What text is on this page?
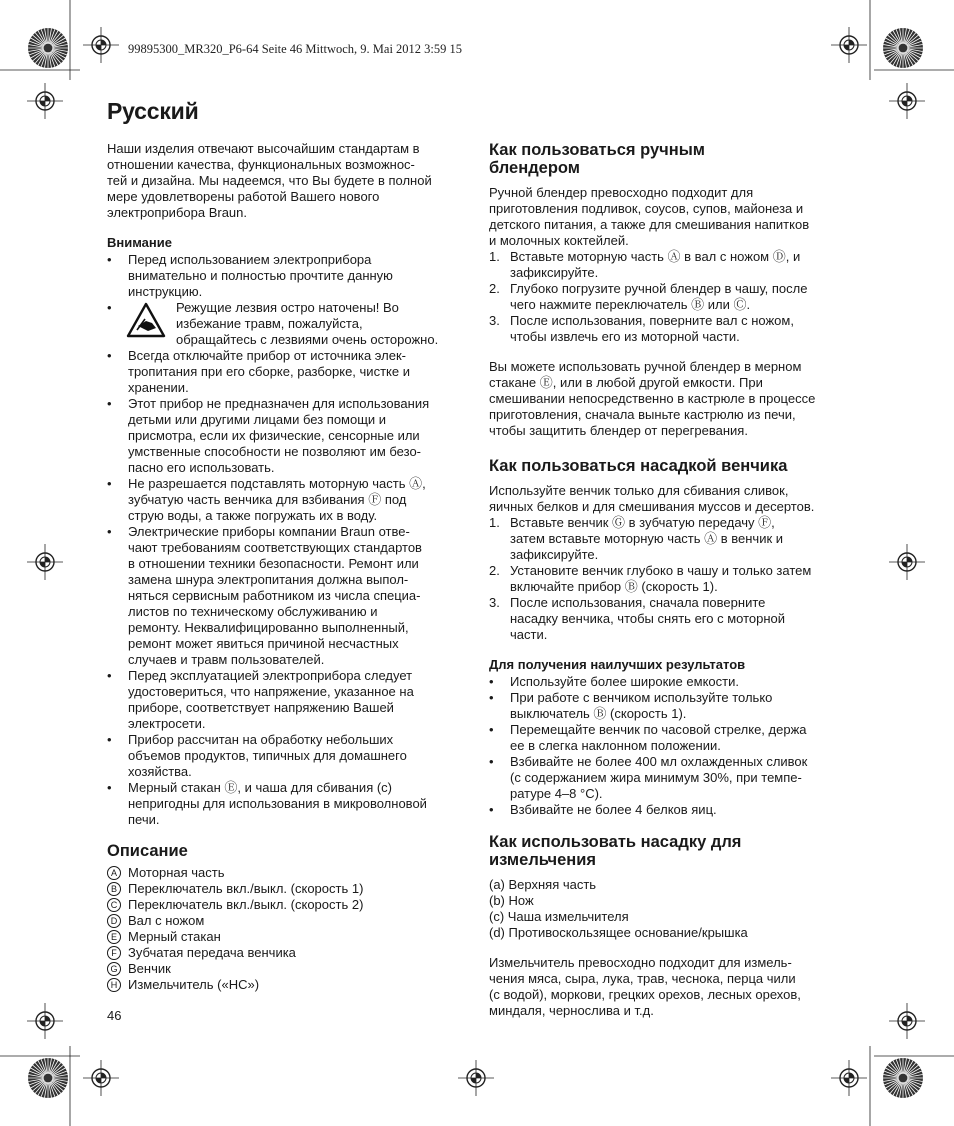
99895300_MR320_P6-64 Seite 46 Mittwoch, 9. Mai 2012 3:59 15
Русский

Наши изделия отвечают высочайшим стандартам в
отношении качества, функциональных возможнос-
тей и дизайна. Мы надеемся, что Вы будете в полной
мере удовлетворены работой Вашего нового
электроприбора Braun.

Внимание
• Перед использованием электроприбора
внимательно и полностью прочтите данную
инструкцию.
•	Режущие лезвия остро наточены! Во
избежание травм, пожалуйста,
обращайтесь с лезвиями очень осторожно.
• Всегда отключайте прибор от источника элек-
тропитания при его сборке, разборке, чистке и
хранении.
• Этот прибор не предназначен для использования
детьми или другими лицами без помощи и
присмотра, если их физические, сенсорные или
умственные способности не позволяют им безо-
пасно его использовать.
• Не разрешается подставлять моторную часть Ⓐ,
зубчатую часть венчика для взбивания Ⓕ под
струю воды, а также погружать их в воду.
• Электрические приборы компании Braun отве-
чают требованиям соответствующих стандартов
в отношении техники безопасности. Ремонт или
замена шнура электропитания должна выпол-
няться сервисным работником из числа специа-
листов по техническому обслуживанию и
ремонту. Неквалифицированно выполненный,
ремонт может явиться причиной несчастных
случаев и травм пользователей.
• Перед эксплуатацией электроприбора следует
удостовериться, что напряжение, указанное на
приборе, соответствует напряжению Вашей
электросети.
• Прибор рассчитан на обработку небольших
объемов продуктов, типичных для домашнего
хозяйства.
• Мерный стакан Ⓔ, и чаша для сбивания (c)
непригодны для использования в микроволновой
печи.
Описание
A Моторная часть
B Переключатель вкл./выкл. (скорость 1)
C Переключатель вкл./выкл. (скорость 2)
D Вал с ножом
E Мерный стакан
F Зубчатая передача венчика
G Венчик
H Измельчитель («HC»)
Как пользоваться ручным
блендером

Ручной блендер превосходно подходит для
приготовления подливок, соусов, супов, майонеза и
детского питания, а также для смешивания напитков
и молочных коктейлей.

1. Вставьте моторную часть Ⓐ в вал с ножом Ⓓ, и
зафиксируйте.
2. Глубоко погрузите ручной блендер в чашу, после
чего нажмите переключатель Ⓑ или Ⓒ.
3. После использования, поверните вал с ножом,
чтобы извлечь его из моторной части.

Вы можете использовать ручной блендер в мерном
стакане Ⓔ, или в любой другой емкости. При
смешивании непосредственно в кастрюле в процессе
приготовления, сначала выньте кастрюлю из печи,
чтобы защитить блендер от перегревания.

Как пользоваться насадкой венчика

Используйте венчик только для сбивания сливок,
яичных белков и для смешивания муссов и десертов.

1. Вставьте венчик Ⓖ в зубчатую передачу Ⓕ,
затем вставьте моторную часть Ⓐ в венчик и
зафиксируйте.
2. Установите венчик глубоко в чашу и только затем
включайте прибор Ⓑ (скорость 1).
3. После использования, сначала поверните
насадку венчика, чтобы снять его с моторной
части.
Для получения наилучших результатов
• Используйте более широкие емкости.
• При работе с венчиком используйте только
выключатель Ⓑ (скорость 1).
• Перемещайте венчик по часовой стрелке, держа
ее в слегка наклонном положении.
• Взбивайте не более 400 мл охлажденных сливок
(с содержанием жира минимум 30%, при темпе-
ратуре 4–8 °C).
• Взбивайте не более 4 белков яиц.
Как использовать насадку для
измельчения
(a) Верхняя часть
(b) Нож
(c) Чаша измельчителя
(d) Противоскользящее основание/крышка

Измельчитель превосходно подходит для измель-
чения мяса, сыра, лука, трав, чеснока, перца чили
(с водой), моркови, грецких орехов, лесных орехов,
миндаля, чернослива и т.д.

46
